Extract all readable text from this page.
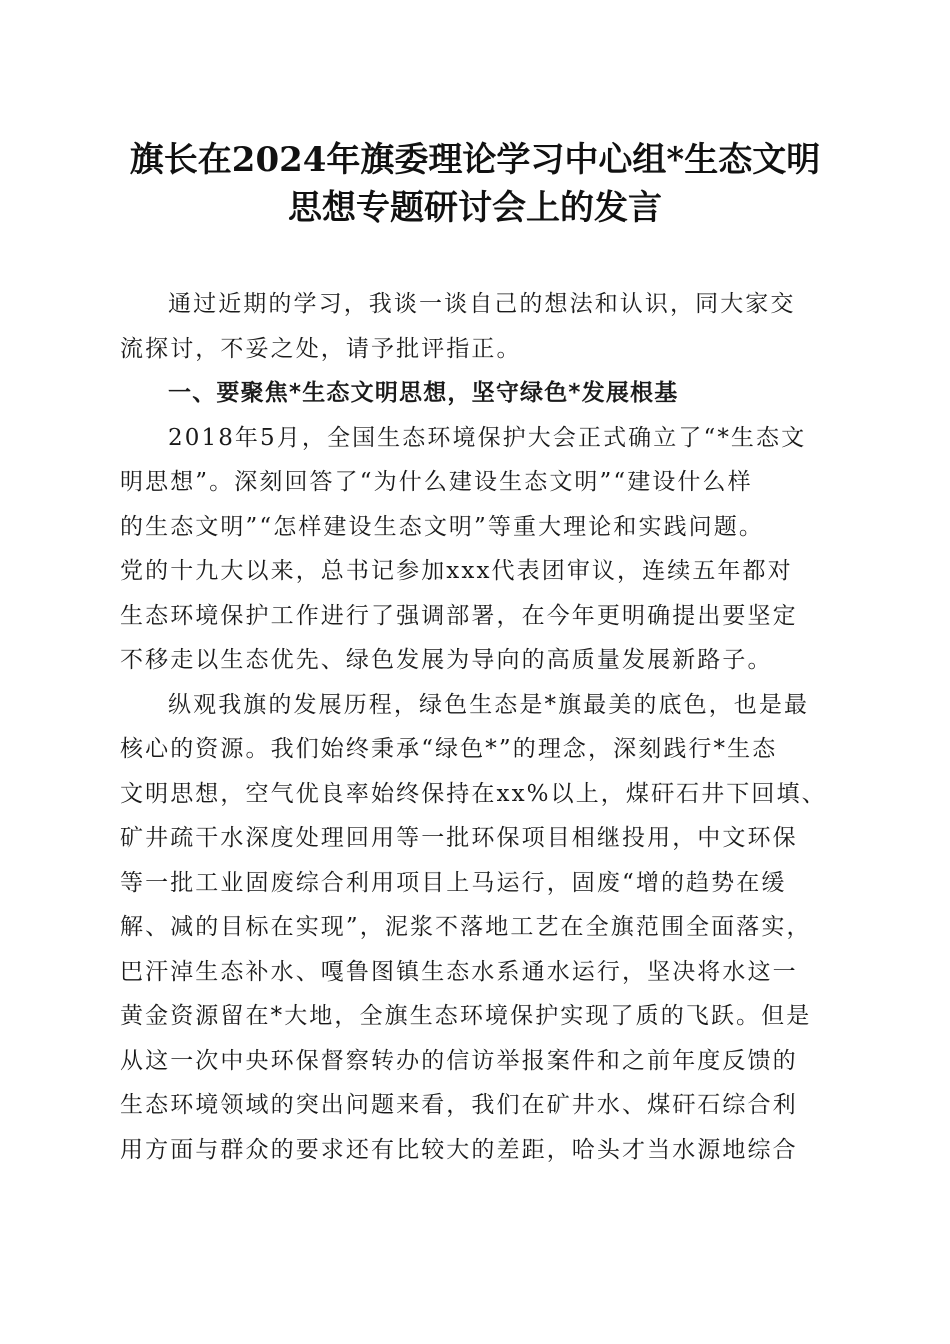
旗长在2024年旗委理论学习中心组*生态文明
思想专题研讨会上的发言
通过近期的学习，我谈一谈自己的想法和认识，同大家交
流探讨，不妥之处，请予批评指正。
一、要聚焦*生态文明思想，坚守绿色*发展根基
2018年5月，全国生态环境保护大会正式确立了“*生态文
明思想”。深刻回答了“为什么建设生态文明”“建设什么样
的生态文明”“怎样建设生态文明”等重大理论和实践问题。
党的十九大以来，总书记参加xxx代表团审议，连续五年都对
生态环境保护工作进行了强调部署，在今年更明确提出要坚定
不移走以生态优先、绿色发展为导向的高质量发展新路子。
纵观我旗的发展历程，绿色生态是*旗最美的底色，也是最
核心的资源。我们始终秉承“绿色*”的理念，深刻践行*生态
文明思想，空气优良率始终保持在xx%以上，煤矸石井下回填、
矿井疏干水深度处理回用等一批环保项目相继投用，中文环保
等一批工业固废综合利用项目上马运行，固废“增的趋势在缓
解、减的目标在实现”，泥浆不落地工艺在全旗范围全面落实，
巴汗淖生态补水、嘎鲁图镇生态水系通水运行，坚决将水这一
黄金资源留在*大地，全旗生态环境保护实现了质的飞跃。但是
从这一次中央环保督察转办的信访举报案件和之前年度反馈的
生态环境领域的突出问题来看，我们在矿井水、煤矸石综合利
用方面与群众的要求还有比较大的差距，哈头才当水源地综合
